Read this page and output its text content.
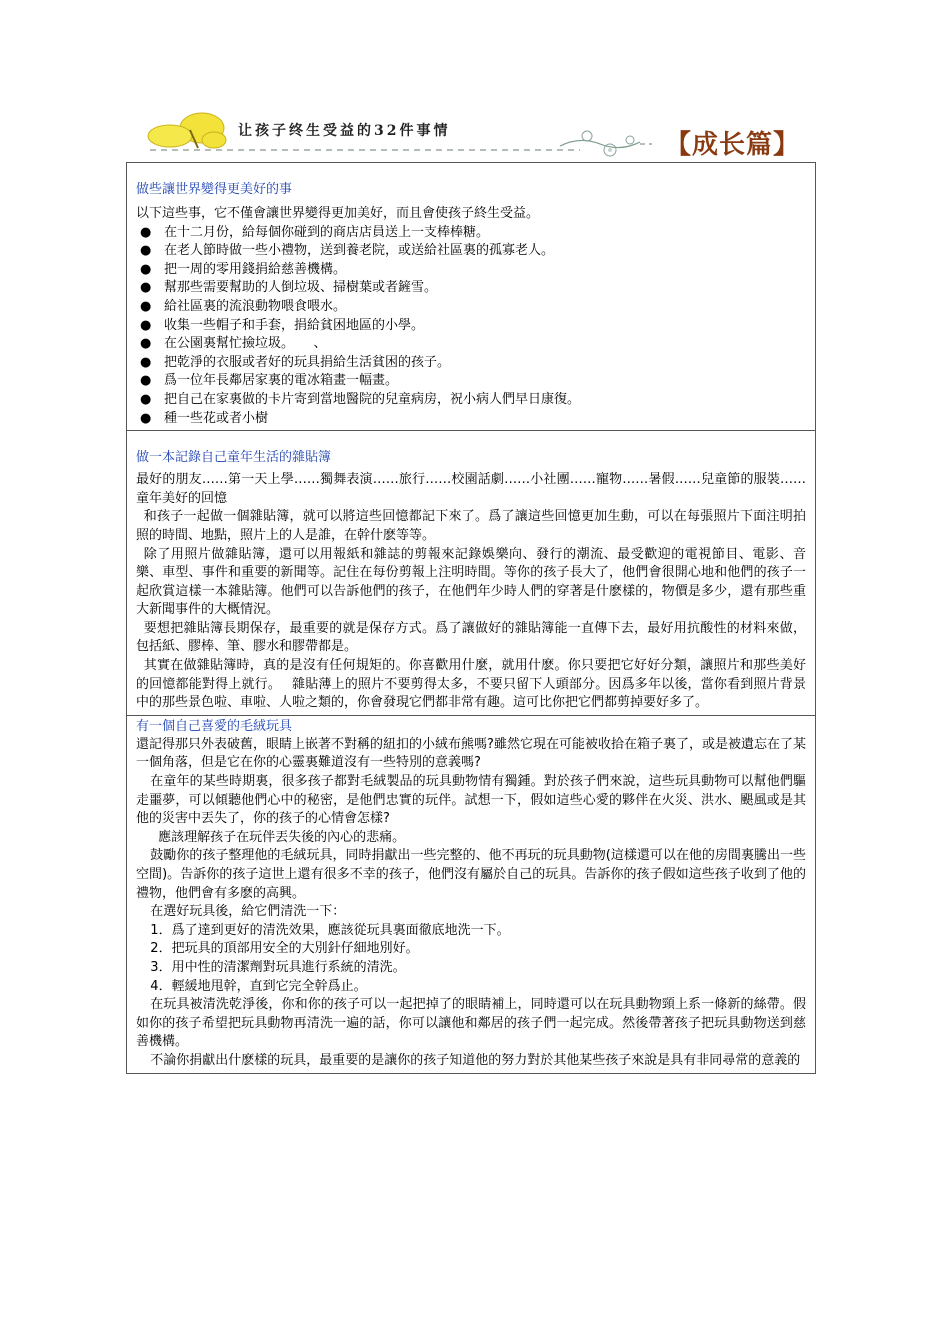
让孩子终生受益的32件事情	【成长篇】

做些讓世界變得更美好的事

以下這些事，它不僅會讓世界變得更加美好，而且會使孩子終生受益。

● 在十二月份，給每個你碰到的商店店員送上一支棒棒糖。
● 在老人節時做一些小禮物，送到養老院，或送給社區裏的孤寡老人。
● 把一周的零用錢捐給慈善機構。
● 幫那些需要幫助的人倒垃圾、掃樹葉或者鏟雪。
● 給社區裏的流浪動物喂食喂水。
● 收集一些帽子和手套，捐給貧困地區的小學。
● 在公園裏幫忙撿垃圾。　　、
● 把乾淨的衣服或者好的玩具捐給生活貧困的孩子。
● 爲一位年長鄰居家裏的電冰箱畫一幅畫。
● 把自己在家裏做的卡片寄到當地醫院的兒童病房，祝小病人們早日康復。
● 種一些花或者小樹

做一本記錄自己童年生活的雜貼簿

最好的朋友……第一天上學……獨舞表演……旅行……校園話劇……小社團……寵物……暑假……兒童節的服裝……童年美好的回憶

和孩子一起做一個雜貼簿，就可以將這些回憶都記下來了。爲了讓這些回憶更加生動，可以在每張照片下面注明拍照的時間、地點，照片上的人是誰，在幹什麽等等。

除了用照片做雜貼簿，還可以用報紙和雜誌的剪報來記錄娛樂向、發行的潮流、最受歡迎的電視節目、電影、音樂、車型、事件和重要的新聞等。記住在每份剪報上注明時間。等你的孩子長大了，他們會很開心地和他們的孩子一起欣賞這樣一本雜貼簿。他們可以告訴他們的孩子，在他們年少時人們的穿著是什麽樣的，物價是多少，還有那些重大新聞事件的大概情況。

要想把雜貼簿長期保存，最重要的就是保存方式。爲了讓做好的雜貼簿能一直傳下去，最好用抗酸性的材料來做，包括紙、膠棒、筆、膠水和膠帶都是。

其實在做雜貼簿時，真的是沒有任何規矩的。你喜歡用什麼，就用什麽。你只要把它好好分類，讓照片和那些美好的回憶都能對得上就行。　 雜貼薄上的照片不要剪得太多，不要只留下人頭部分。因爲多年以後，當你看到照片背景中的那些景色啦、車啦、人啦之類的，你會發現它們都非常有趣。這可比你把它們都剪掉要好多了。

有一個自己喜愛的毛絨玩具

還記得那只外表破舊，眼睛上嵌著不對稱的紐扣的小絨布熊嗎?雖然它現在可能被收拾在箱子裏了，或是被遺忘在了某一個角落，但是它在你的心靈裏難道沒有一些特別的意義嗎?

在童年的某些時期裏，很多孩子都對毛絨製品的玩具動物情有獨鍾。對於孩子們來說，這些玩具動物可以幫他們驅走噩夢，可以傾聽他們心中的秘密，是他們忠實的玩伴。試想一下，假如這些心愛的夥伴在火災、洪水、颶風或是其他的災害中丟失了，你的孩子的心情會怎樣?

應該理解孩子在玩伴丟失後的內心的悲痛。

鼓勵你的孩子整理他的毛絨玩具，同時捐獻出一些完整的、他不再玩的玩具動物(這樣還可以在他的房間裏騰出一些空間)。告訴你的孩子這世上還有很多不幸的孩子，他們沒有屬於自己的玩具。告訴你的孩子假如這些孩子收到了他的禮物，他們會有多麽的高興。

在選好玩具後，給它們清洗一下：

1．爲了達到更好的清洗效果，應該從玩具裏面徹底地洗一下。

2．把玩具的頂部用安全的大別針仔細地別好。

3．用中性的清潔劑對玩具進行系統的清洗。

4．輕緩地甩幹，直到它完全幹爲止。

在玩具被清洗乾淨後，你和你的孩子可以一起把掉了的眼睛補上，同時還可以在玩具動物頸上系一條新的絲帶。假如你的孩子希望把玩具動物再清洗一遍的話，你可以讓他和鄰居的孩子們一起完成。然後帶著孩子把玩具動物送到慈善機構。

不論你捐獻出什麽樣的玩具，最重要的是讓你的孩子知道他的努力對於其他某些孩子來說是具有非同尋常的意義的
